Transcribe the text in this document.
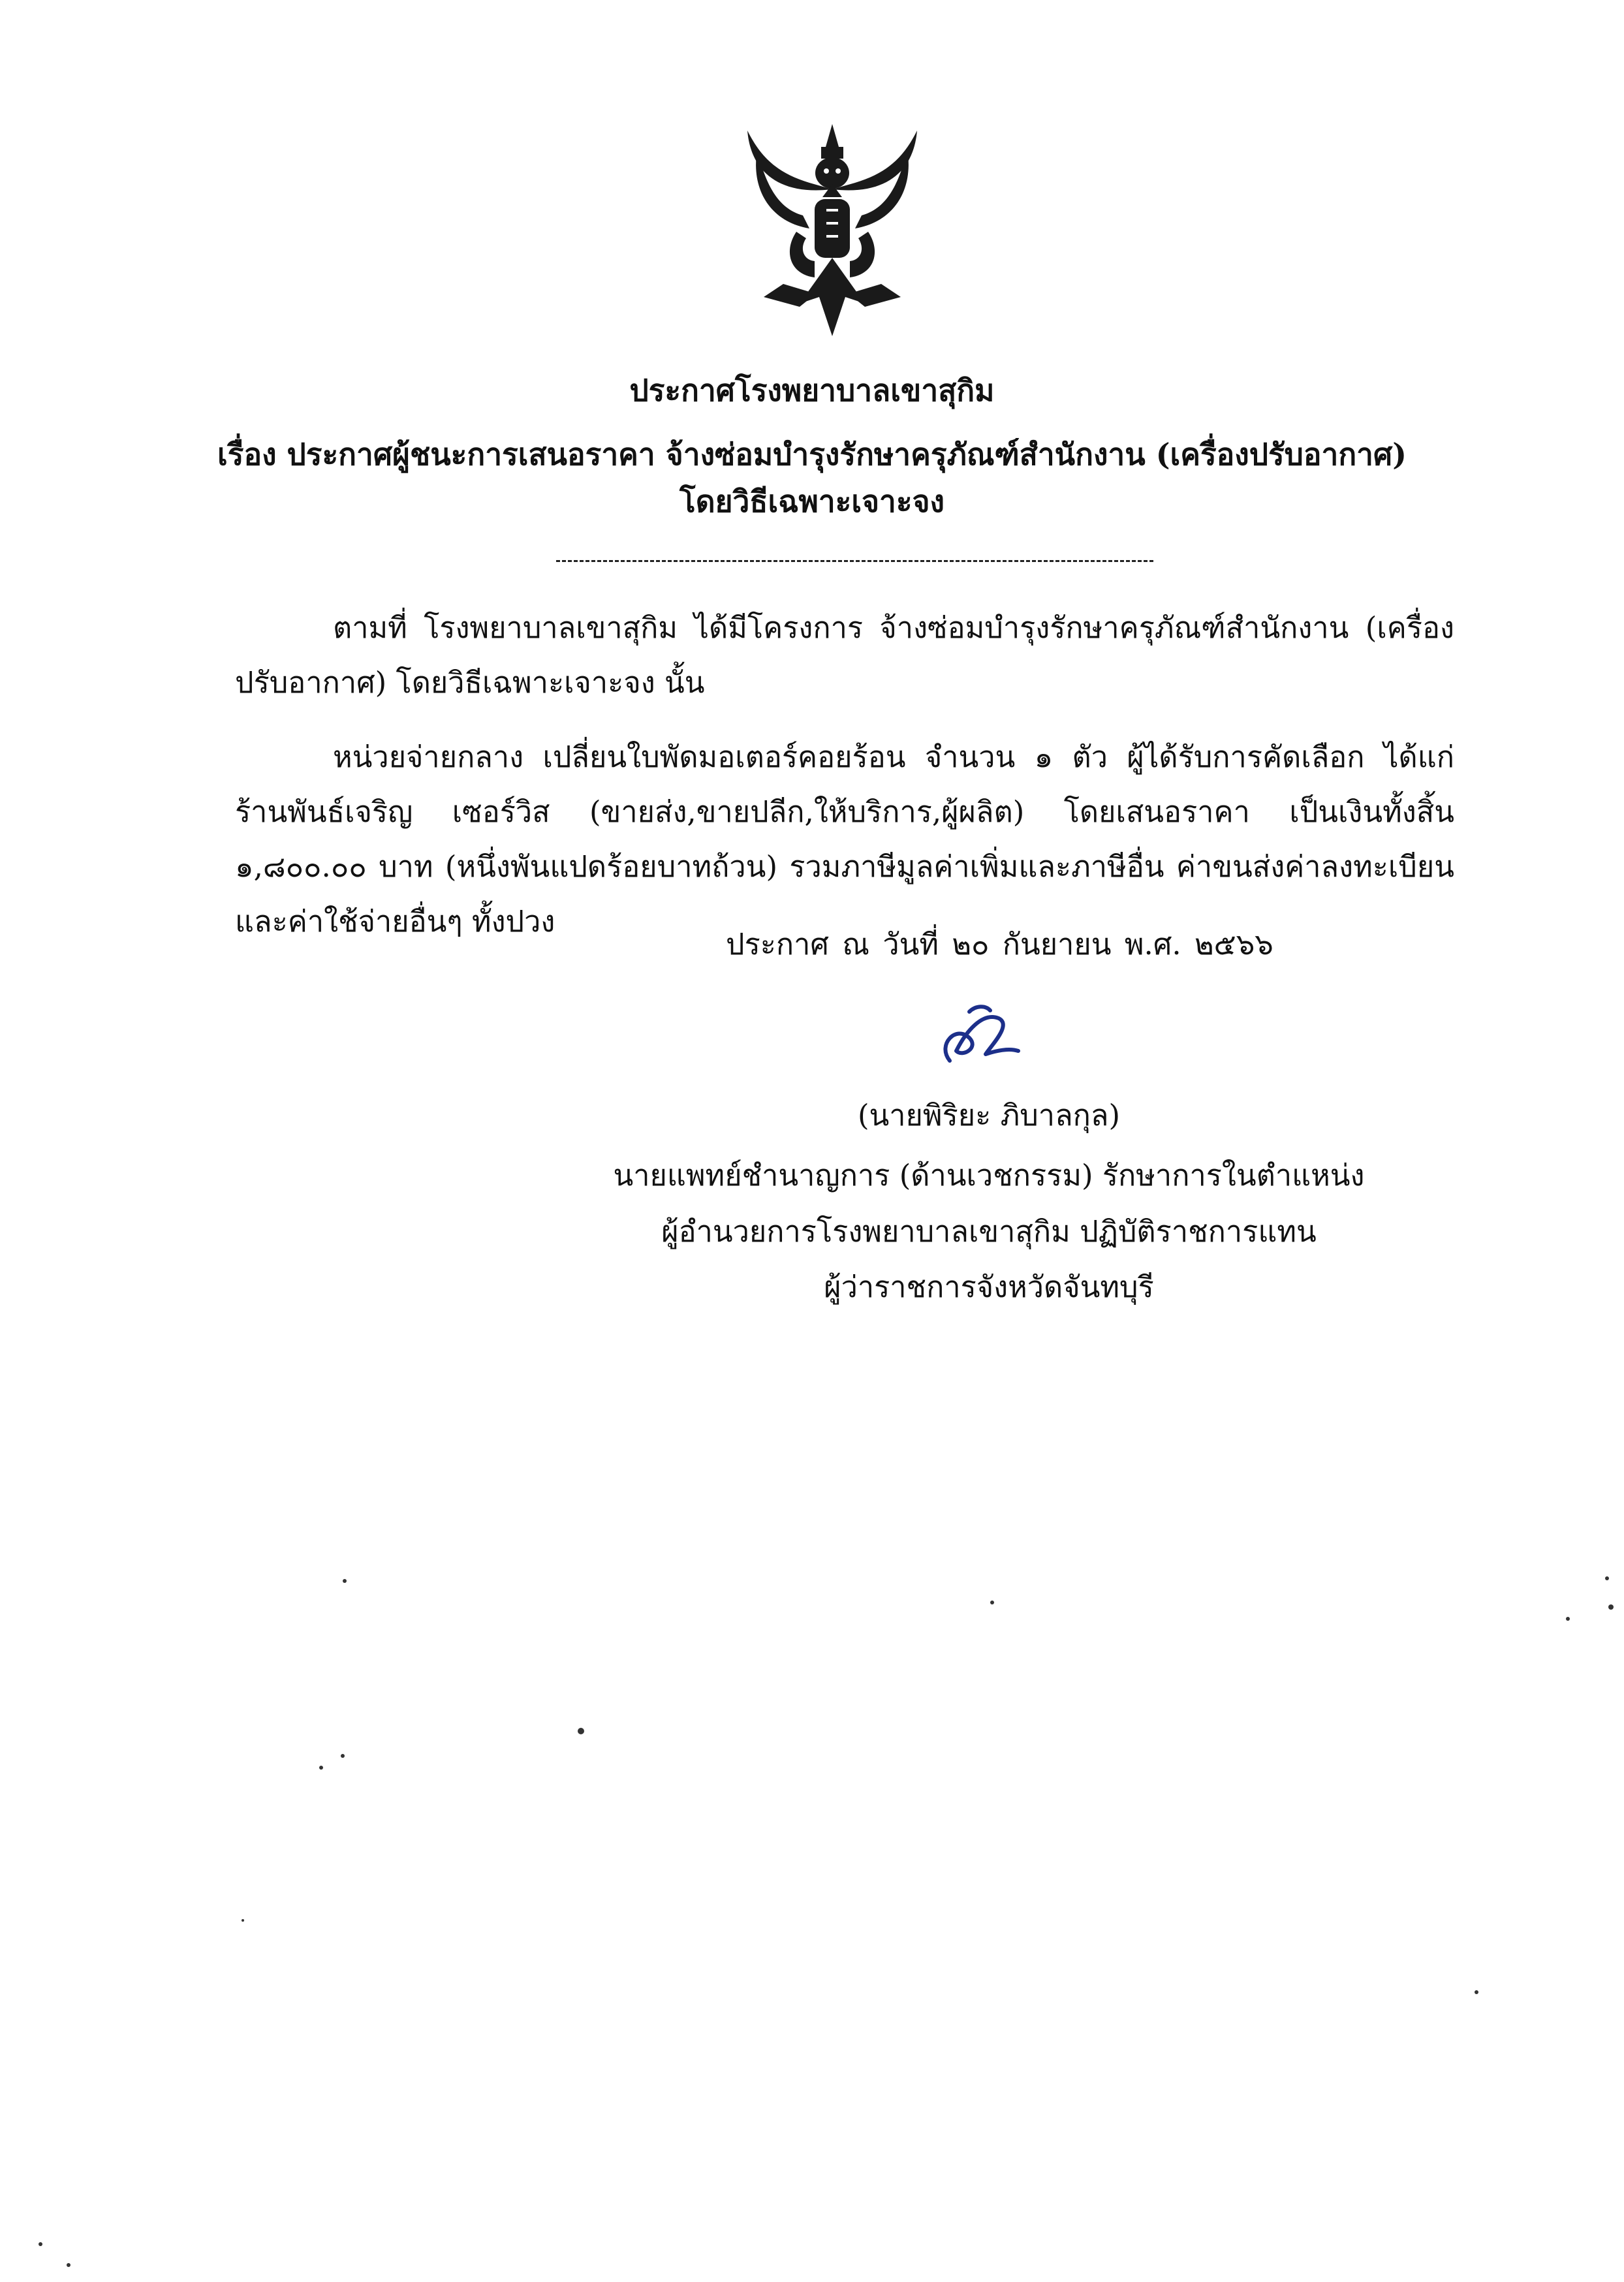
ประกาศโรงพยาบาลเขาสุกิม
เรื่อง ประกาศผู้ชนะการเสนอราคา จ้างซ่อมบำรุงรักษาครุภัณฑ์สำนักงาน (เครื่องปรับอากาศ)
โดยวิธีเฉพาะเจาะจง
ตามที่ โรงพยาบาลเขาสุกิม ได้มีโครงการ จ้างซ่อมบำรุงรักษาครุภัณฑ์สำนักงาน (เครื่องปรับอากาศ) โดยวิธีเฉพาะเจาะจง นั้น
หน่วยจ่ายกลาง เปลี่ยนใบพัดมอเตอร์คอยร้อน จำนวน ๑ ตัว ผู้ได้รับการคัดเลือก ได้แก่ ร้านพันธ์เจริญ เซอร์วิส (ขายส่ง,ขายปลีก,ให้บริการ,ผู้ผลิต) โดยเสนอราคา เป็นเงินทั้งสิ้น ๑,๘๐๐.๐๐ บาท (หนึ่งพันแปดร้อยบาทถ้วน) รวมภาษีมูลค่าเพิ่มและภาษีอื่น ค่าขนส่งค่าลงทะเบียน และค่าใช้จ่ายอื่นๆ ทั้งปวง
ประกาศ ณ วันที่ ๒๐ กันยายน พ.ศ. ๒๕๖๖
(นายพิริยะ ภิบาลกุล)
นายแพทย์ชำนาญการ (ด้านเวชกรรม) รักษาการในตำแหน่ง
ผู้อำนวยการโรงพยาบาลเขาสุกิม ปฏิบัติราชการแทน
ผู้ว่าราชการจังหวัดจันทบุรี
